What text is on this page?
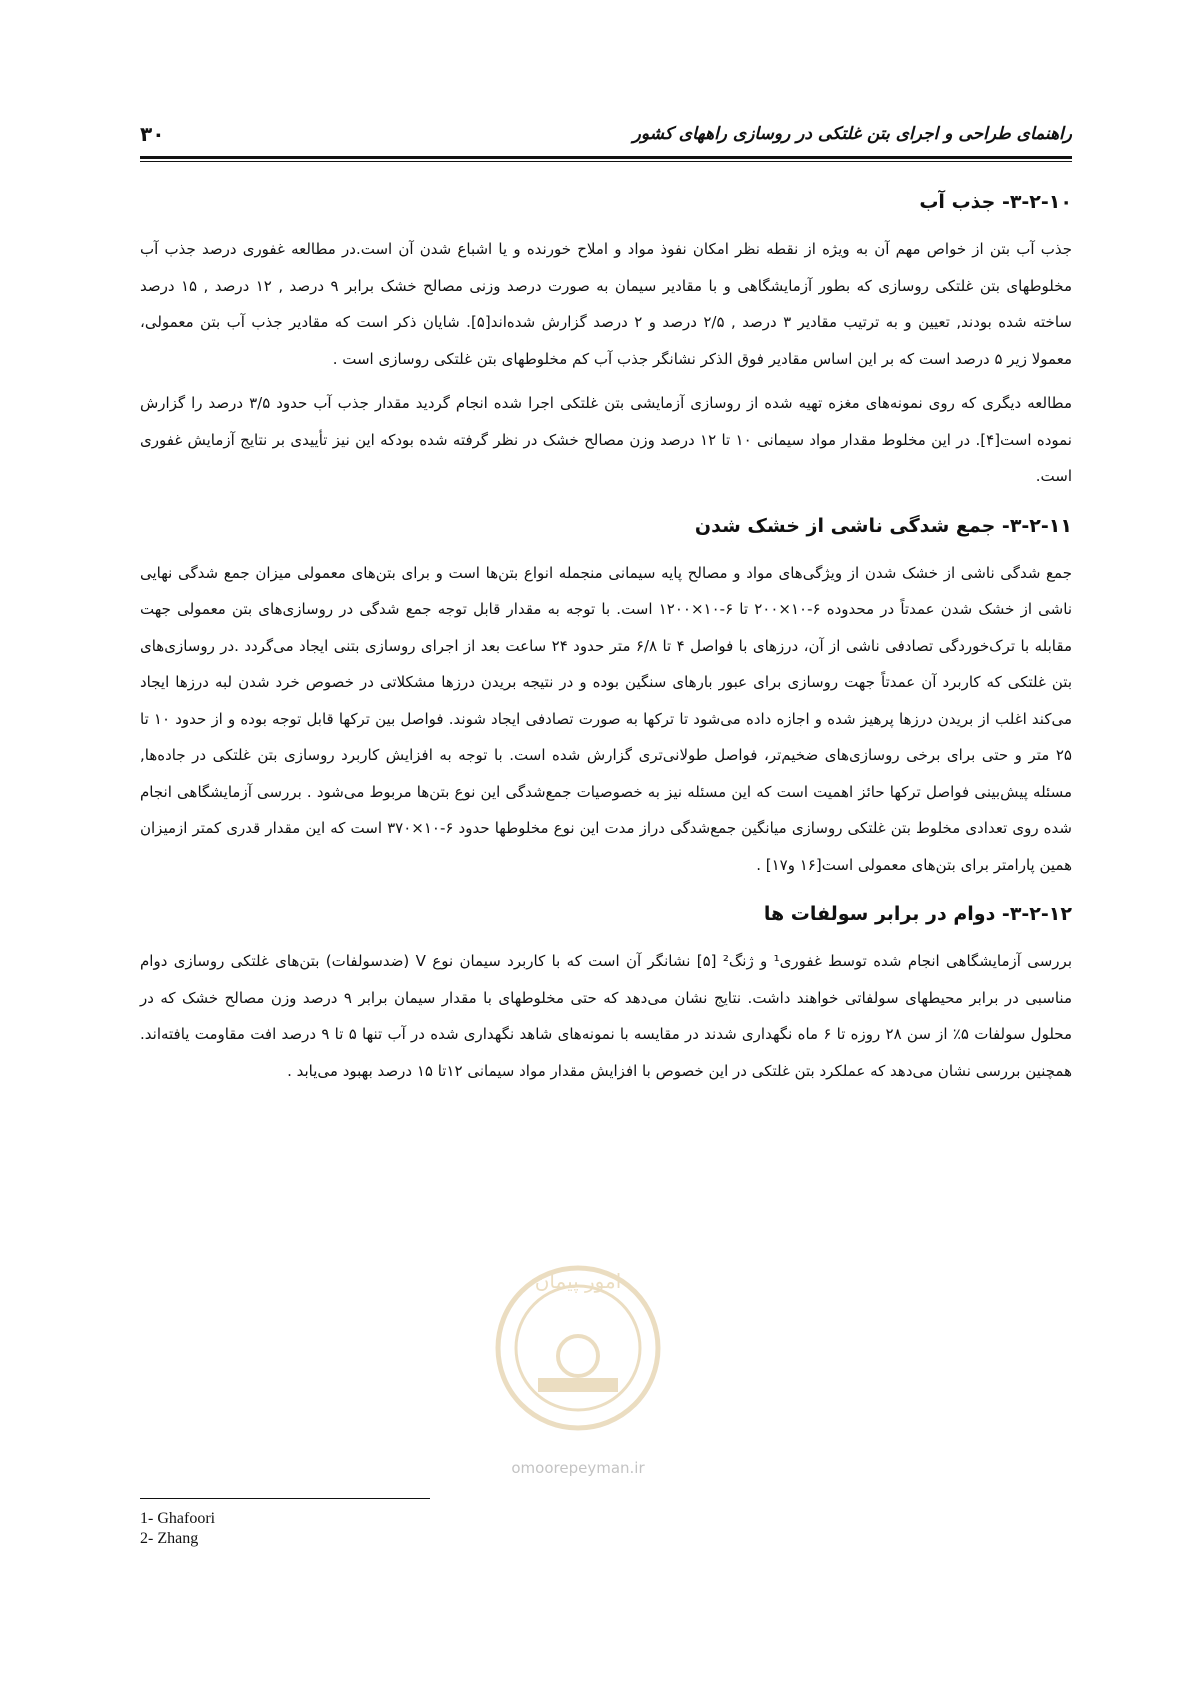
۳۰	راهنمای طراحی و اجرای بتن غلتکی در روسازی راههای کشور
۳-۲-۱۰- جذب آب

جذب آب بتن از خواص مهم آن به ویژه از نقطه نظر امکان نفوذ مواد و املاح خورنده و یا اشباع شدن آن است.در مطالعه غفوری درصد جذب آب مخلوطهای بتن غلتکی روسازی که بطور آزمایشگاهی و با مقادیر سیمان به صورت درصد وزنی مصالح خشک برابر ۹ درصد , ۱۲ درصد , ۱۵ درصد ساخته شده بودند, تعیین و به ترتیب مقادیر ۳ درصد , ۲/۵ درصد و ۲ درصد گزارش شده‌اند[۵]. شایان ذکر است که مقادیر جذب آب بتن معمولی، معمولا زیر ۵ درصد است که بر این اساس مقادیر فوق الذکر نشانگر جذب آب کم مخلوطهای بتن غلتکی روسازی است .

مطالعه دیگری که روی نمونه‌های مغزه تهیه شده از روسازی آزمایشی بتن غلتکی اجرا شده انجام گردید مقدار جذب آب حدود ۳/۵ درصد را گزارش نموده است[۴]. در این مخلوط مقدار مواد سیمانی ۱۰ تا ۱۲ درصد وزن مصالح خشک در نظر گرفته شده بودکه این نیز تأییدی بر نتایج آزمایش غفوری است.

۳-۲-۱۱- جمع شدگی ناشی از خشک شدن

جمع شدگی ناشی از خشک شدن از ویژگی‌های مواد و مصالح پایه سیمانی منجمله انواع بتن‌ها است و برای بتن‌های معمولی میزان جمع شدگی نهایی ناشی از خشک شدن عمدتاً در محدوده ۶-۱۰×۲۰۰ تا ۶-۱۰×۱۲۰۰ است. با توجه به مقدار قابل توجه جمع شدگی در روسازی‌های بتن معمولی جهت مقابله با ترک‌خوردگی تصادفی ناشی از آن، درزهای با فواصل ۴ تا ۶/۸ متر حدود ۲۴ ساعت بعد از اجرای روسازی بتنی ایجاد می‌گردد .در روسازی‌های بتن غلتکی که کاربرد آن عمدتاً جهت روسازی برای عبور بارهای سنگین بوده و در نتیجه بریدن درزها مشکلاتی در خصوص خرد شدن لبه درزها ایجاد می‌کند اغلب از بریدن درزها پرهیز شده و اجازه داده می‌شود تا ترکها به صورت تصادفی ایجاد شوند. فواصل بین ترکها قابل توجه بوده و از حدود ۱۰ تا ۲۵ متر و حتی برای برخی روسازی‌های ضخیم‌تر، فواصل طولانی‌تری گزارش شده است. با توجه به افزایش کاربرد روسازی بتن غلتکی در جاده‌ها, مسئله پیش‌بینی فواصل ترکها حائز اهمیت است که این مسئله نیز به خصوصیات جمع‌شدگی این نوع بتن‌ها مربوط می‌شود . بررسی آزمایشگاهی انجام شده روی تعدادی مخلوط بتن غلتکی روسازی میانگین جمع‌شدگی دراز مدت این نوع مخلوطها حدود ۶-۱۰×۳۷۰ است که این مقدار قدری کمتر ازمیزان همین پارامتر برای بتن‌های معمولی است[۱۶ و۱۷] .

۳-۲-۱۲- دوام در برابر سولفات ها

بررسی آزمایشگاهی انجام شده توسط غفوری¹ و ژنگ² [۵] نشانگر آن است که با کاربرد سیمان نوع V (ضدسولفات) بتن‌های غلتکی روسازی دوام مناسبی در برابر محیطهای سولفاتی خواهند داشت. نتایج نشان می‌دهد که حتی مخلوطهای با مقدار سیمان برابر ۹ درصد وزن مصالح خشک که در محلول سولفات ۵٪ از سن ۲۸ روزه تا ۶ ماه نگهداری شدند در مقایسه با نمونه‌های شاهد نگهداری شده در آب تنها ۵ تا ۹ درصد افت مقاومت یافته‌اند. همچنین بررسی نشان می‌دهد که عملکرد بتن غلتکی در این خصوص با افزایش مقدار مواد سیمانی ۱۲تا ۱۵ درصد بهبود می‌یابد .

امور پیمان
omoorepeyman.ir
1- Ghafoori
2- Zhang
